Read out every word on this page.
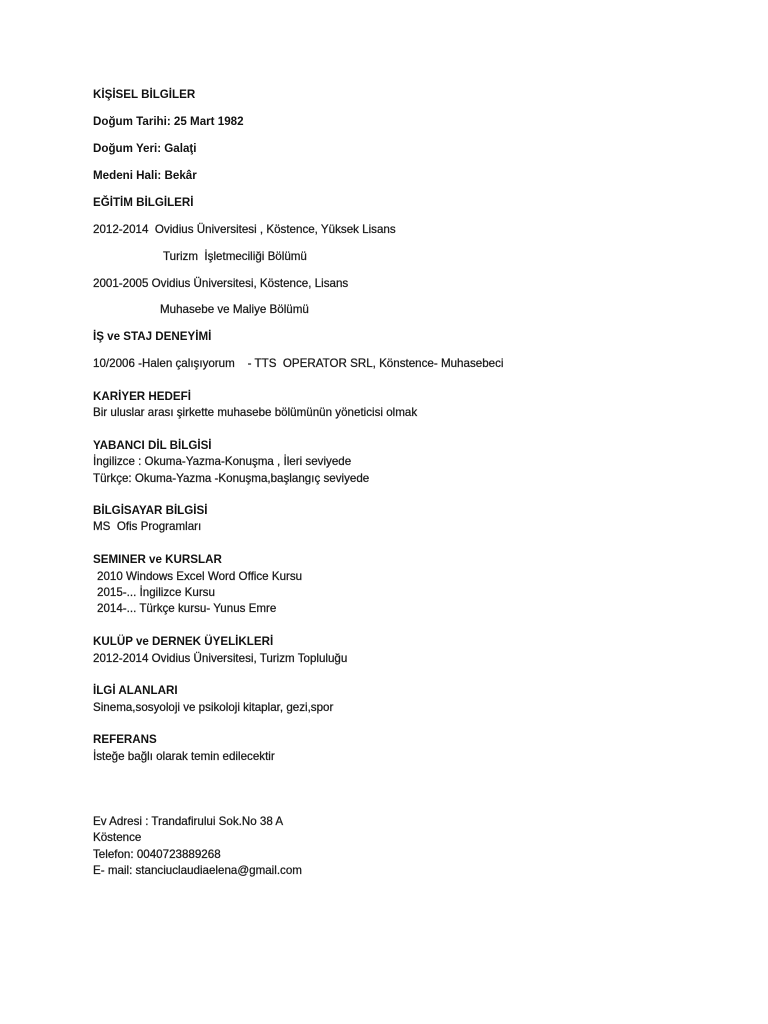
KİŞİSEL BİLGİLER
Doğum Tarihi: 25 Mart 1982
Doğum Yeri: Galaţi
Medeni Hali: Bekâr
EĞİTİM BİLGİLERİ
2012-2014  Ovidius Üniversitesi , Köstence, Yüksek Lisans
Turizm  İşletmeciliği Bölümü
2001-2005 Ovidius Üniversitesi, Köstence, Lisans
Muhasebe ve Maliye Bölümü
İŞ ve STAJ DENEYİMİ
10/2006 -Halen çalışıyorum    - TTS  OPERATOR SRL, Könstence- Muhasebeci
KARİYER HEDEFİ
Bir uluslar arası şirkette muhasebe bölümünün yöneticisi olmak
YABANCI DİL BİLGİSİ
İngilizce : Okuma-Yazma-Konuşma , İleri seviyede
Türkçe: Okuma-Yazma -Konuşma,başlangıç seviyede
BİLGİSAYAR BİLGİSİ
MS  Ofis Programları
SEMINER ve KURSLAR
2010 Windows Excel Word Office Kursu
2015-... İngilizce Kursu
2014-... Türkçe kursu- Yunus Emre
KULÜP ve DERNEK ÜYELİKLERİ
2012-2014 Ovidius Üniversitesi, Turizm Topluluğu
İLGİ ALANLARI
Sinema,sosyoloji ve psikoloji kitaplar, gezi,spor
REFERANS
İsteğe bağlı olarak temin edilecektir
Ev Adresi : Trandafirului Sok.No 38 A
Köstence
Telefon: 0040723889268
E- mail: stanciuclaudiaelena@gmail.com
